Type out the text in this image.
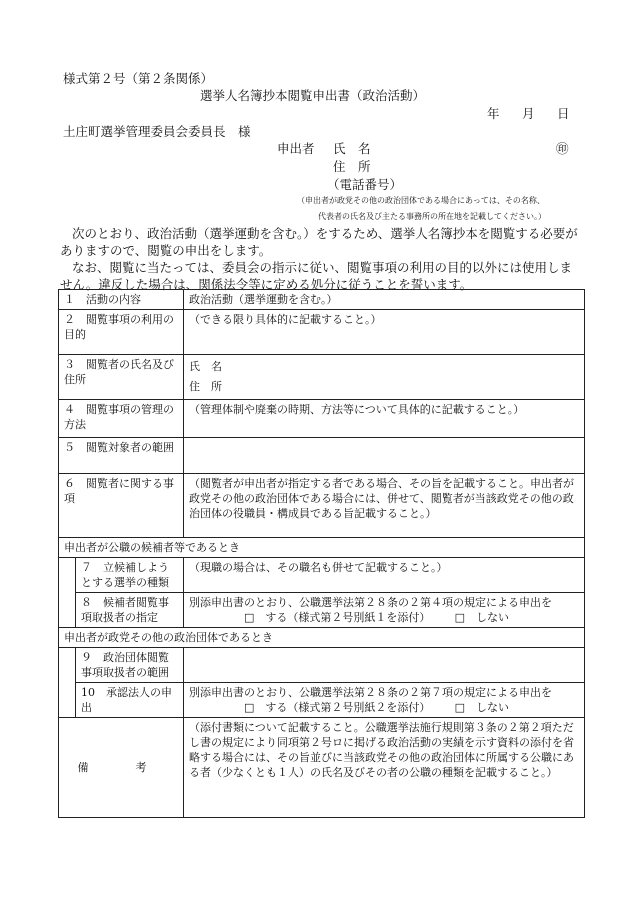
様式第２号（第２条関係）
選挙人名簿抄本閲覧申出書（政治活動）
年 月 日
土庄町選挙管理委員会委員長　様
申出者 氏　名	㊞
住　所
（電話番号）
（申出者が政党その他の政治団体である場合にあっては、その名称、
代表者の氏名及び主たる事務所の所在地を記載してください。）
次のとおり、政治活動（選挙運動を含む。）をするため、選挙人名簿抄本を閲覧する必要がありますので、閲覧の申出をします。
なお、閲覧に当たっては、委員会の指示に従い、閲覧事項の利用の目的以外には使用しません。違反した場合は、関係法令等に定める処分に従うことを誓います。
１　活動の内容		政治活動（選挙運動を含む。）
２　閲覧事項の利用の目的		（できる限り具体的に記載すること。）
３　閲覧者の氏名及び住所		氏　名
住　所

４　閲覧事項の管理の方法		（管理体制や廃棄の時期、方法等について具体的に記載すること。）
５　閲覧対象者の範囲		
６　閲覧者に関する事項		（閲覧者が申出者が指定する者である場合、その旨を記載すること。申出者が政党その他の政治団体である場合には、併せて、閲覧者が当該政党その他の政治団体の役職員・構成員である旨記載すること。）
申出者が公職の候補者等であるとき		
	７　立候補しようとする選挙の種類	（現職の場合は、その職名も併せて記載すること。）
	８　候補者閲覧事項取扱者の指定	別添申出書のとおり、公職選挙法第２８条の２第４項の規定による申出を
□　する（様式第２号別紙１を添付） □　しない

申出者が政党その他の政治団体であるとき		
	９　政治団体閲覧事項取扱者の範囲	
	10　承認法人の申出	別添申出書のとおり、公職選挙法第２８条の２第７項の規定による申出を
□　する（様式第２号別紙２を添付） □　しない

備　考		（添付書類について記載すること。公職選挙法施行規則第３条の２第２項ただし書の規定により同項第２号ロに掲げる政治活動の実績を示す資料の添付を省略する場合には、その旨並びに当該政党その他の政治団体に所属する公職にある者（少なくとも１人）の氏名及びその者の公職の種類を記載すること。）
